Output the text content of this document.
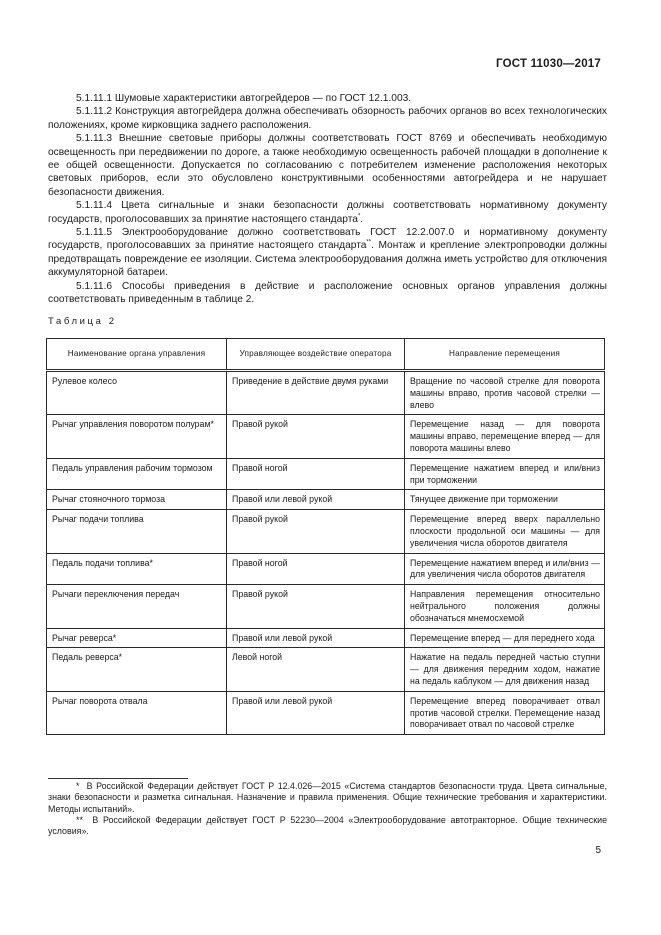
ГОСТ 11030—2017

5.1.11.1 Шумовые характеристики автогрейдеров — по ГОСТ 12.1.003.

5.1.11.2 Конструкция автогрейдера должна обеспечивать обзорность рабочих органов во всех технологических положениях, кроме кирковщика заднего расположения.

5.1.11.3 Внешние световые приборы должны соответствовать ГОСТ 8769 и обеспечивать необходимую освещенность при передвижении по дороге, а также необходимую освещенность рабочей площадки в дополнение к ее общей освещенности. Допускается по согласованию с потребителем изменение расположения некоторых световых приборов, если это обусловлено конструктивными особенностями автогрейдера и не нарушает безопасности движения.

5.1.11.4 Цвета сигнальные и знаки безопасности должны соответствовать нормативному документу государств, проголосовавших за принятие настоящего стандарта*.

5.1.11.5 Электрооборудование должно соответствовать ГОСТ 12.2.007.0 и нормативному документу государств, проголосовавших за принятие настоящего стандарта**. Монтаж и крепление электропроводки должны предотвращать повреждение ее изоляции. Система электрооборудования должна иметь устройство для отключения аккумуляторной батареи.

5.1.11.6 Способы приведения в действие и расположение основных органов управления должны соответствовать приведенным в таблице 2.

Таблица 2
Наименование органа управления	Управляющее воздействие оператора	Направление перемещения
Рулевое колесо	Приведение в действие двумя руками	Вращение по часовой стрелке для поворота машины вправо, против часовой стрелки — влево
Рычаг управления поворотом полурам*	Правой рукой	Перемещение назад — для поворота машины вправо, перемещение вперед — для поворота машины влево
Педаль управления рабочим тормозом	Правой ногой	Перемещение нажатием вперед и или/вниз при торможении
Рычаг стояночного тормоза	Правой или левой рукой	Тянущее движение при торможении
Рычаг подачи топлива	Правой рукой	Перемещение вперед вверх параллельно плоскости продольной оси машины — для увеличения числа оборотов двигателя
Педаль подачи топлива*	Правой ногой	Перемещение нажатием вперед и или/вниз — для увеличения числа оборотов двигателя
Рычаги переключения передач	Правой рукой	Направления перемещения относительно нейтрального положения должны обозначаться мнемосхемой
Рычаг реверса*	Правой или левой рукой	Перемещение вперед — для переднего хода
Педаль реверса*	Левой ногой	Нажатие на педаль передней частью ступни — для движения передним ходом, нажатие на педаль каблуком — для движения назад
Рычаг поворота отвала	Правой или левой рукой	Перемещение вперед поворачивает отвал против часовой стрелки. Перемещение назад поворачивает отвал по часовой стрелке

* В Российской Федерации действует ГОСТ Р 12.4.026—2015 «Система стандартов безопасности труда. Цвета сигнальные, знаки безопасности и разметка сигнальная. Назначение и правила применения. Общие технические требования и характеристики. Методы испытаний».

** В Российской Федерации действует ГОСТ Р 52230—2004 «Электрооборудование автотракторное. Общие технические условия».

5
